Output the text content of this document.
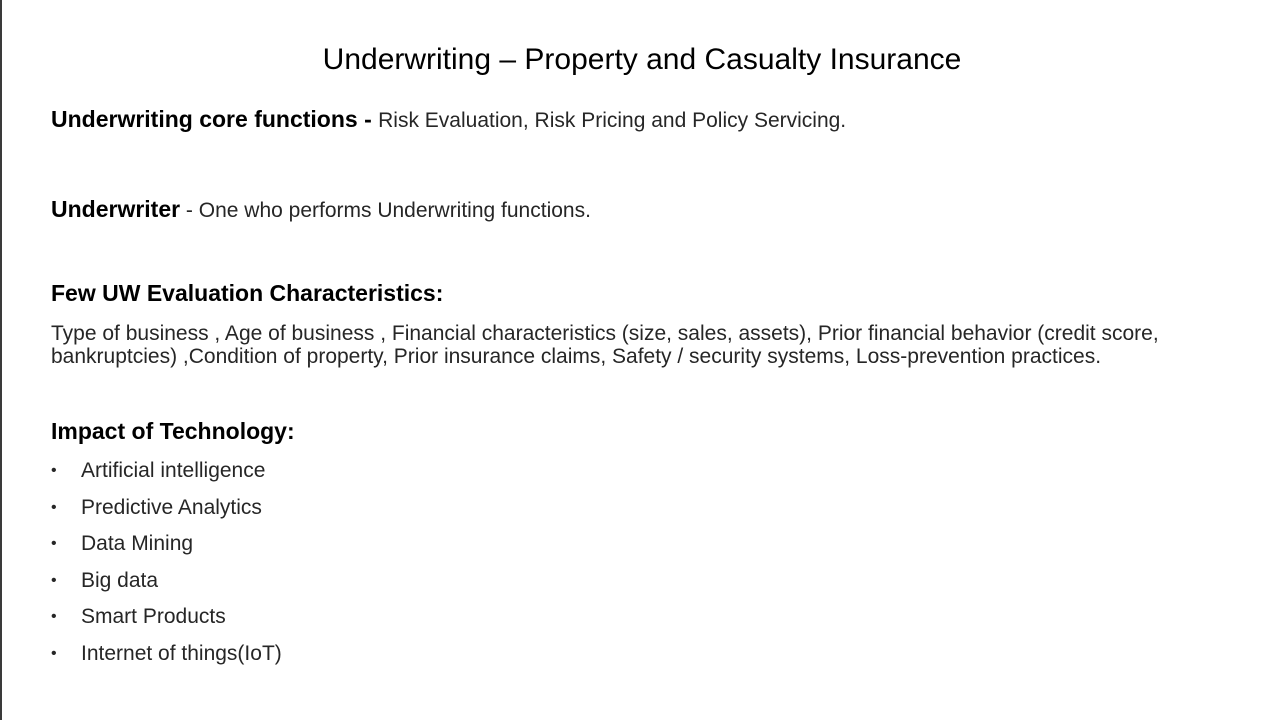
Underwriting – Property and Casualty Insurance
Underwriting core functions - Risk Evaluation, Risk Pricing and Policy Servicing.
Underwriter - One who performs Underwriting functions.
Few UW Evaluation Characteristics:
Type of business , Age of business , Financial characteristics (size, sales, assets), Prior financial behavior (credit score, bankruptcies) ,Condition of property, Prior insurance claims, Safety / security systems, Loss-prevention practices.
Impact of Technology:
•	Artificial intelligence
•	Predictive Analytics
•	Data Mining
•	Big data
•	Smart Products
•	Internet of things(IoT)
